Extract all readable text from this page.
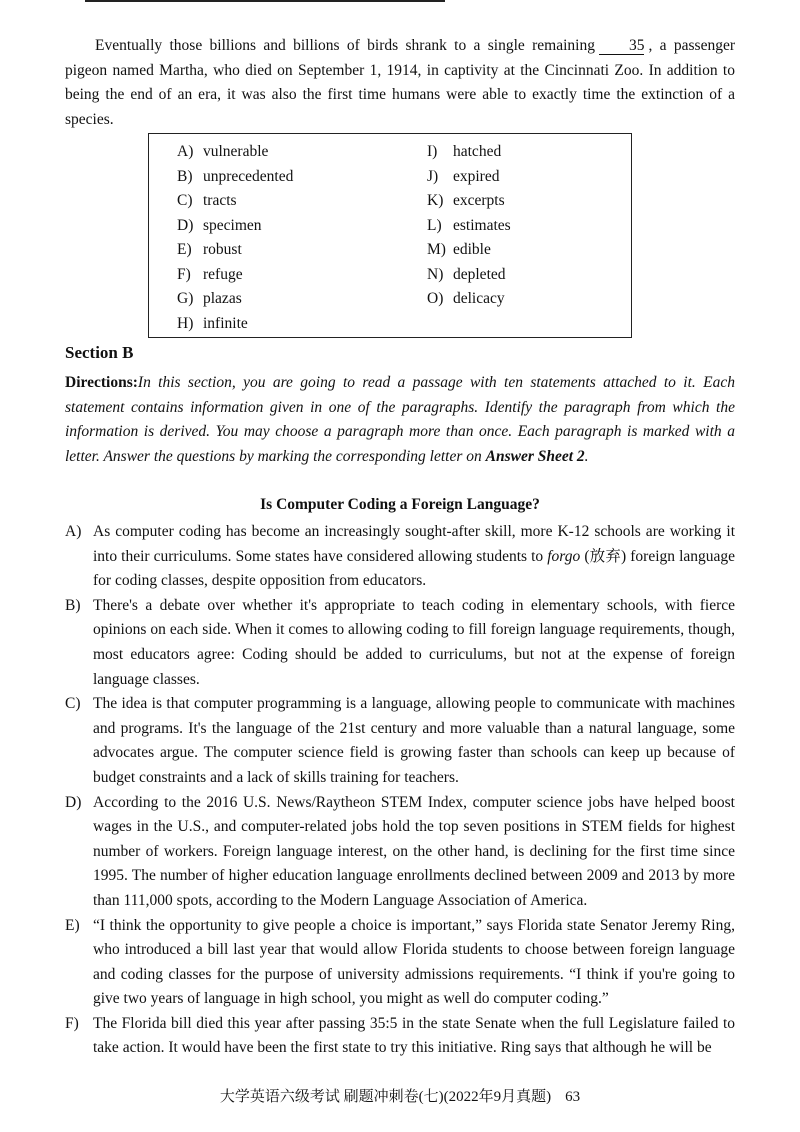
Eventually those billions and billions of birds shrank to a single remaining 35 , a passenger pigeon named Martha, who died on September 1, 1914, in captivity at the Cincinnati Zoo. In addition to being the end of an era, it was also the first time humans were able to exactly time the extinction of a species.
A) vulnerable
B) unprecedented
C) tracts
D) specimen
E) robust
F) refuge
G) plazas
H) infinite
I) hatched
J) expired
K) excerpts
L) estimates
M) edible
N) depleted
O) delicacy
Section B
Directions:In this section, you are going to read a passage with ten statements attached to it. Each statement contains information given in one of the paragraphs. Identify the paragraph from which the information is derived. You may choose a paragraph more than once. Each paragraph is marked with a letter. Answer the questions by marking the corresponding letter on Answer Sheet 2.
Is Computer Coding a Foreign Language?
A) As computer coding has become an increasingly sought-after skill, more K-12 schools are working it into their curriculums. Some states have considered allowing students to forgo (放弃) foreign language for coding classes, despite opposition from educators.
B) There's a debate over whether it's appropriate to teach coding in elementary schools, with fierce opinions on each side. When it comes to allowing coding to fill foreign language requirements, though, most educators agree: Coding should be added to curriculums, but not at the expense of foreign language classes.
C) The idea is that computer programming is a language, allowing people to communicate with machines and programs. It's the language of the 21st century and more valuable than a natural language, some advocates argue. The computer science field is growing faster than schools can keep up because of budget constraints and a lack of skills training for teachers.
D) According to the 2016 U.S. News/Raytheon STEM Index, computer science jobs have helped boost wages in the U.S., and computer-related jobs hold the top seven positions in STEM fields for highest number of workers. Foreign language interest, on the other hand, is declining for the first time since 1995. The number of higher education language enrollments declined between 2009 and 2013 by more than 111,000 spots, according to the Modern Language Association of America.
E) “I think the opportunity to give people a choice is important,” says Florida state Senator Jeremy Ring, who introduced a bill last year that would allow Florida students to choose between foreign language and coding classes for the purpose of university admissions requirements. “I think if you're going to give two years of language in high school, you might as well do computer coding.”
F) The Florida bill died this year after passing 35:5 in the state Senate when the full Legislature failed to take action. It would have been the first state to try this initiative. Ring says that although he will be
大学英语六级考试 刷题冲刺卷(七)(2022年9月真题) 63
